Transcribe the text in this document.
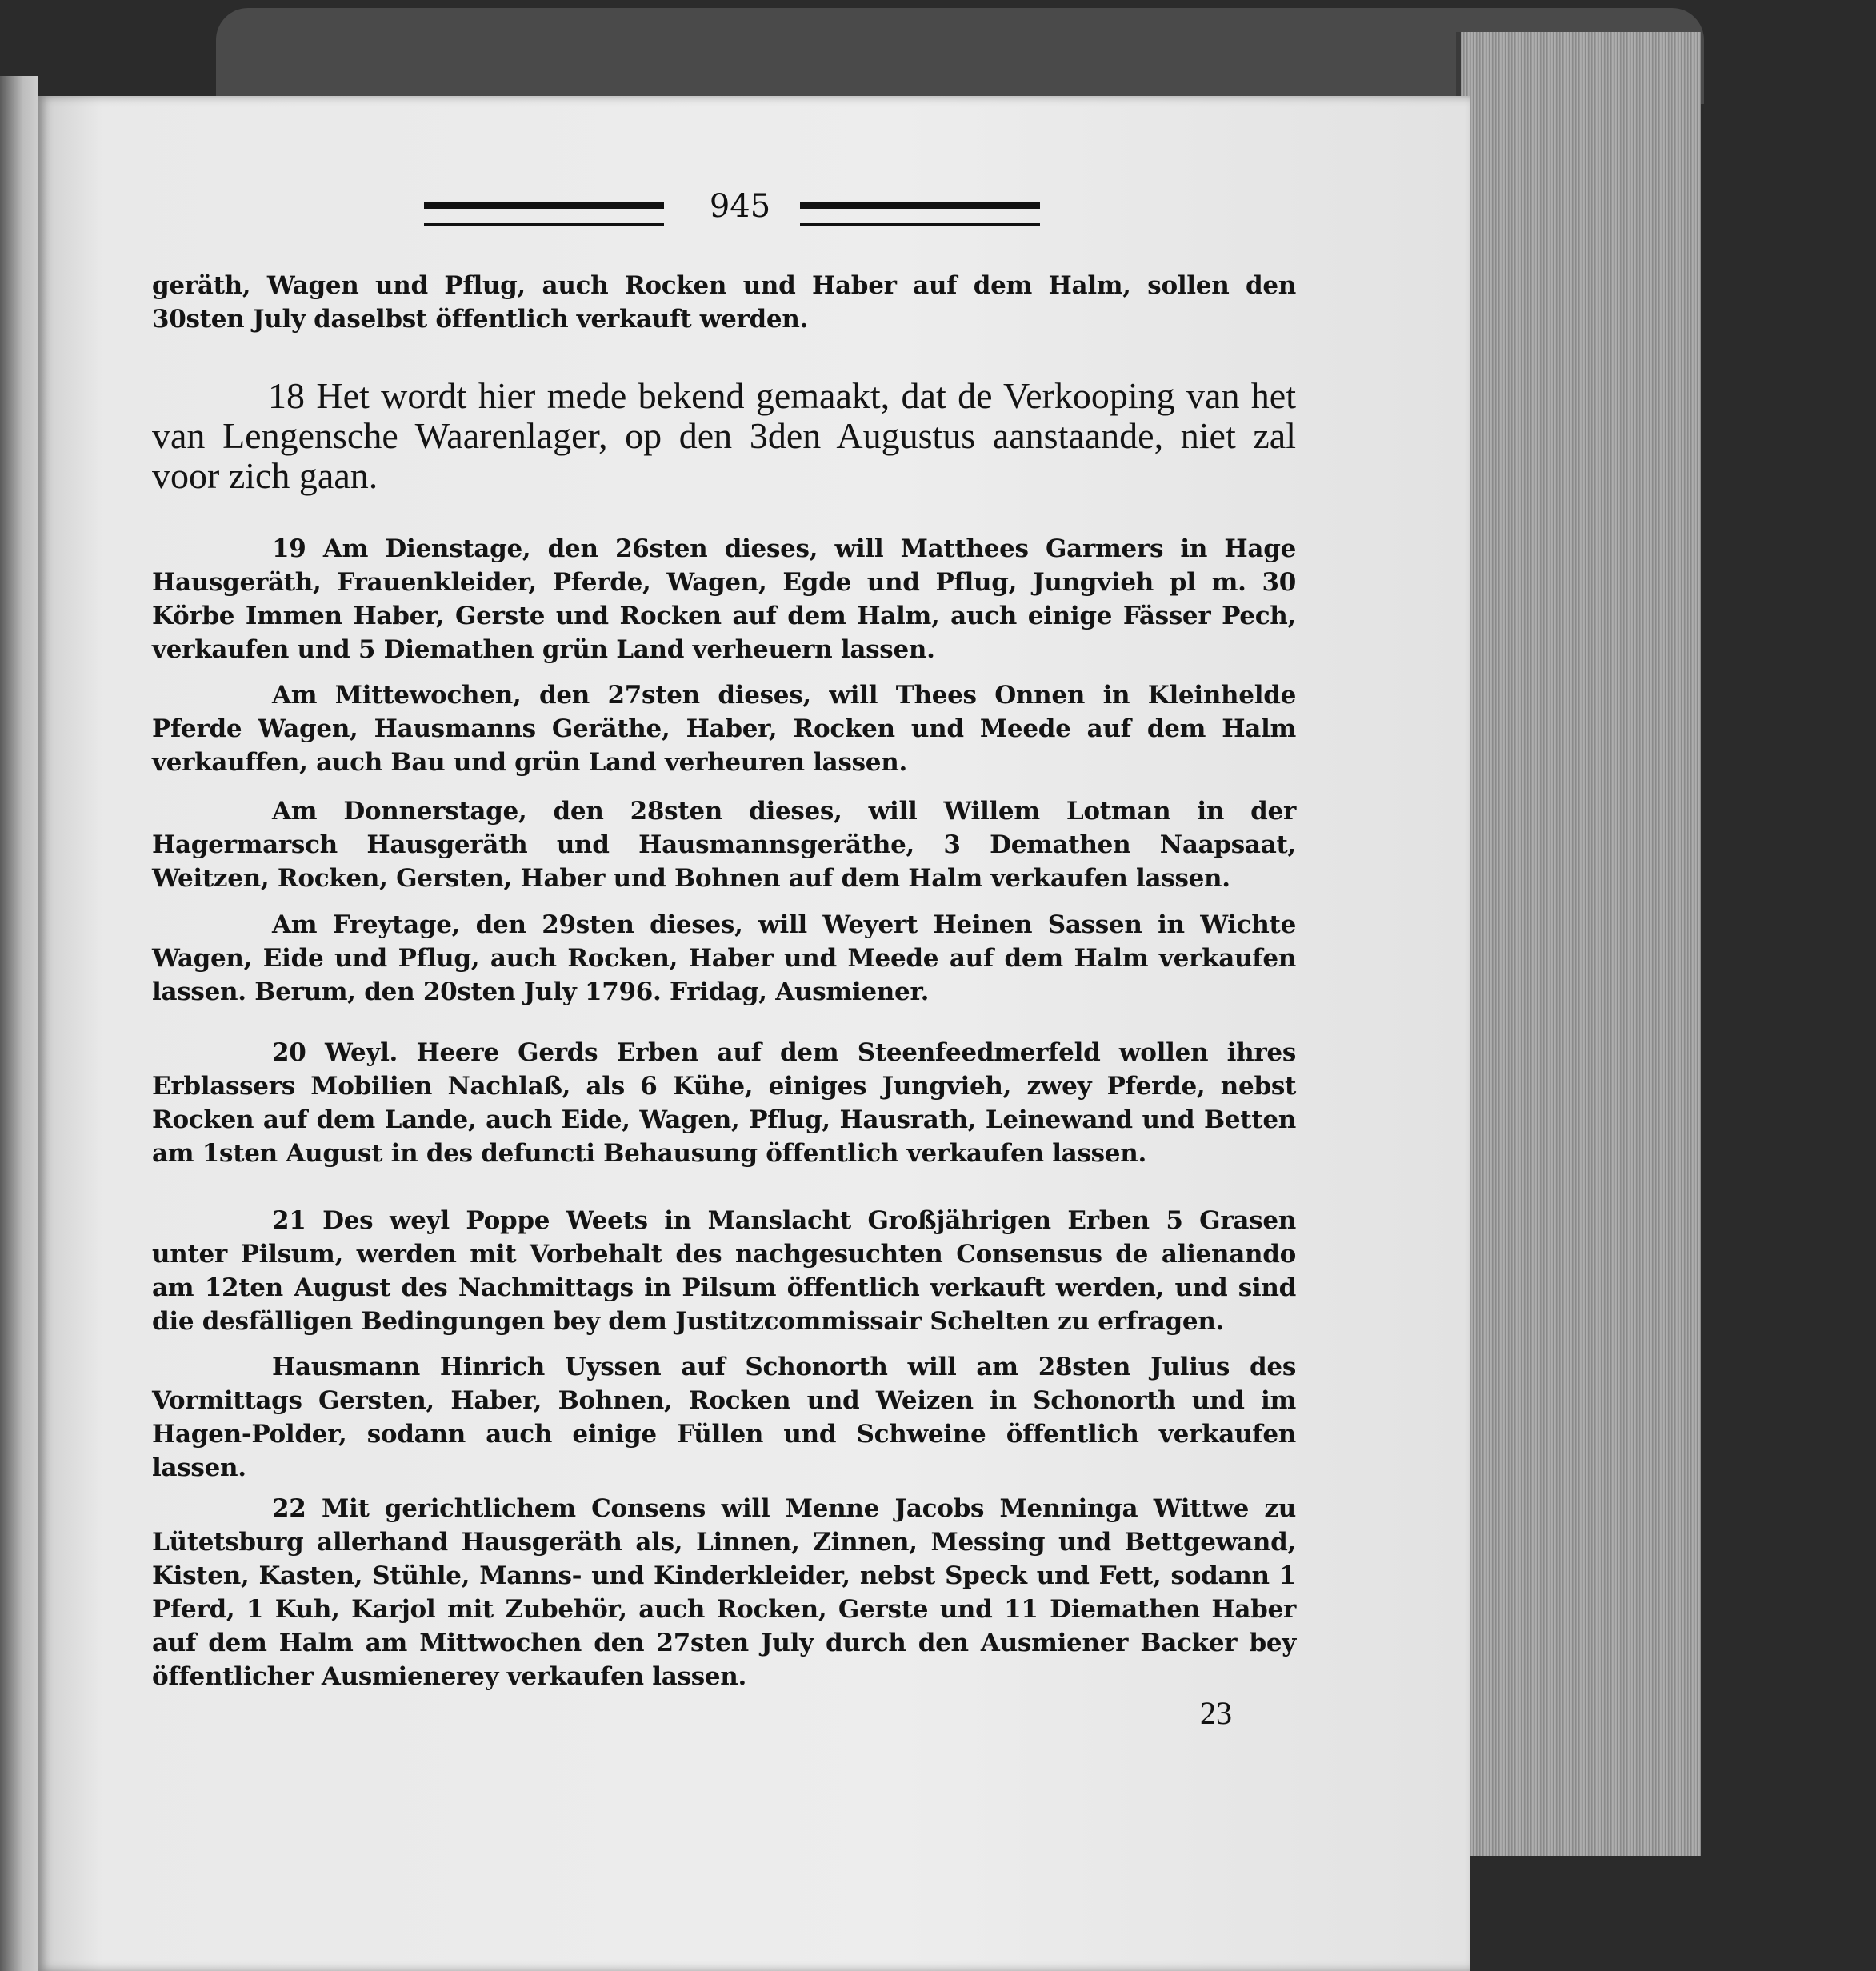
945

geräth, Wagen und Pflug, auch Rocken und Haber auf dem Halm, sollen den 30sten July daselbst öffentlich verkauft werden.

18 Het wordt hier mede bekend gemaakt, dat de Verkooping van het van Lengensche Waarenlager, op den 3den Augustus aanstaande, niet zal voor zich gaan.

19 Am Dienstage, den 26sten dieses, will Matthees Garmers in Hage Hausgeräth, Frauenkleider, Pferde, Wagen, Egde und Pflug, Jungvieh pl m. 30 Körbe Immen Haber, Gerste und Rocken auf dem Halm, auch einige Fässer Pech, verkaufen und 5 Diemathen grün Land verheuern lassen.

Am Mittewochen, den 27sten dieses, will Thees Onnen in Kleinhelde Pferde Wagen, Hausmanns Geräthe, Haber, Rocken und Meede auf dem Halm verkauffen, auch Bau und grün Land verheuren lassen.

Am Donnerstage, den 28sten dieses, will Willem Lotman in der Hagermarsch Hausgeräth und Hausmannsgeräthe, 3 Demathen Naapsaat, Weitzen, Rocken, Gersten, Haber und Bohnen auf dem Halm verkaufen lassen.

Am Freytage, den 29sten dieses, will Weyert Heinen Sassen in Wichte Wagen, Eide und Pflug, auch Rocken, Haber und Meede auf dem Halm verkaufen lassen. Berum, den 20sten July 1796. Fridag, Ausmiener.

20 Weyl. Heere Gerds Erben auf dem Steenfeedmerfeld wollen ihres Erblassers Mobilien Nachlaß, als 6 Kühe, einiges Jungvieh, zwey Pferde, nebst Rocken auf dem Lande, auch Eide, Wagen, Pflug, Hausrath, Leinewand und Betten am 1sten August in des defuncti Behausung öffentlich verkaufen lassen.

21 Des weyl Poppe Weets in Manslacht Großjährigen Erben 5 Grasen unter Pilsum, werden mit Vorbehalt des nachgesuchten Consensus de alienando am 12ten August des Nachmittags in Pilsum öffentlich verkauft werden, und sind die desfälligen Bedingungen bey dem Justitzcommissair Schelten zu erfragen.

Hausmann Hinrich Uyssen auf Schonorth will am 28sten Julius des Vormittags Gersten, Haber, Bohnen, Rocken und Weizen in Schonorth und im Hagen-Polder, sodann auch einige Füllen und Schweine öffentlich verkaufen lassen.

22 Mit gerichtlichem Consens will Menne Jacobs Menninga Wittwe zu Lütetsburg allerhand Hausgeräth als, Linnen, Zinnen, Messing und Bettgewand, Kisten, Kasten, Stühle, Manns- und Kinderkleider, nebst Speck und Fett, sodann 1 Pferd, 1 Kuh, Karjol mit Zubehör, auch Rocken, Gerste und 11 Diemathen Haber auf dem Halm am Mittwochen den 27sten July durch den Ausmiener Backer bey öffentlicher Ausmienerey verkaufen lassen.

23
